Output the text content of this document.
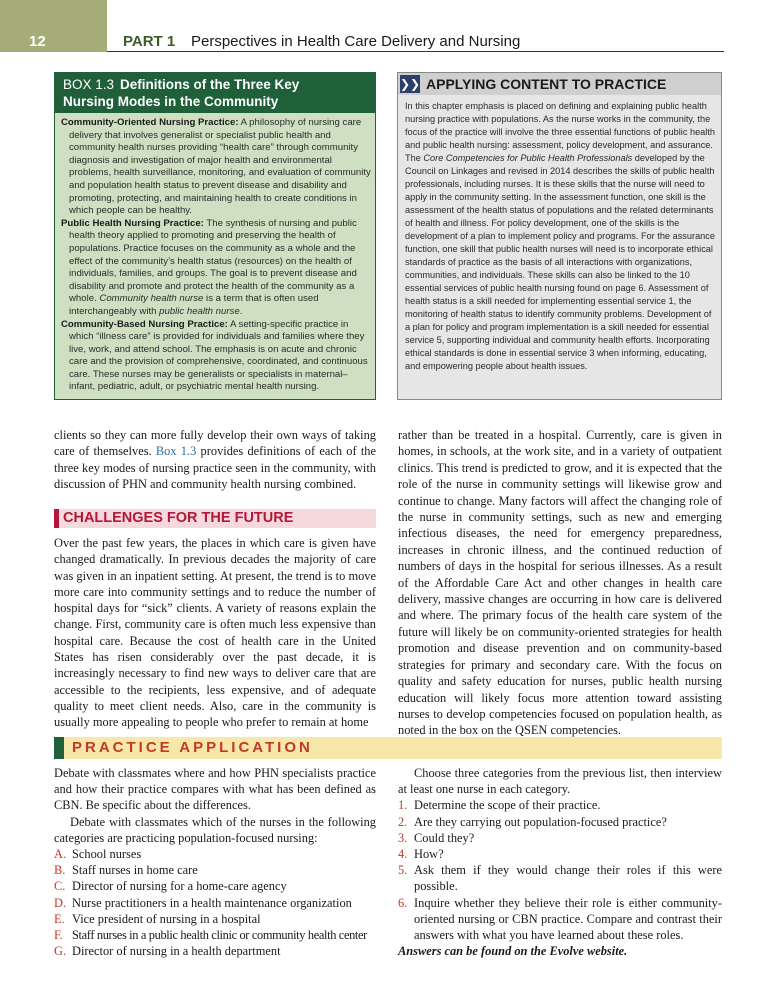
12	PART 1 Perspectives in Health Care Delivery and Nursing
BOX 1.3 Definitions of the Three Key
Nursing Modes in the Community

Community-Oriented Nursing Practice: A philosophy of nursing care delivery that involves generalist or specialist public health and community health nurses providing “health care” through community diagnosis and investigation of major health and environmental problems, health surveillance, monitoring, and evaluation of community and population health status to prevent disease and disability and promoting, protecting, and maintaining health to create conditions in which people can be healthy.

Public Health Nursing Practice: The synthesis of nursing and public health theory applied to promoting and preserving the health of populations. Practice focuses on the community as a whole and the effect of the community’s health status (resources) on the health of individuals, families, and groups. The goal is to prevent disease and disability and promote and protect the health of the community as a whole. Community health nurse is a term that is often used interchangeably with public health nurse.

Community-Based Nursing Practice: A setting-specific practice in which “illness care” is provided for individuals and families where they live, work, and attend school. The emphasis is on acute and chronic care and the provision of comprehensive, coordinated, and continuous care. These nurses may be generalists or specialists in maternal–infant, pediatric, adult, or psychiatric mental health nursing.

❯❯ APPLYING CONTENT TO PRACTICE
In this chapter emphasis is placed on defining and explaining public health nursing practice with populations. As the nurse works in the community, the focus of the practice will involve the three essential functions of public health and public health nursing: assessment, policy development, and assurance. The Core Competencies for Public Health Professionals developed by the Council on Linkages and revised in 2014 describes the skills of public health professionals, including nurses. It is these skills that the nurse will need to apply in the community setting. In the assessment function, one skill is the assessment of the health status of populations and the related determinants of health and illness. For policy development, one of the skills is the development of a plan to implement policy and programs. For the assurance function, one skill that public health nurses will need is to incorporate ethical standards of practice as the basis of all interactions with organizations, communities, and individuals. These skills can also be linked to the 10 essential services of public health nursing found on page 6. Assessment of health status is a skill needed for implementing essential service 1, the monitoring of health status to identify community problems. Development of a plan for policy and program implementation is a skill needed for essential service 5, supporting individual and community health efforts. Incorporating ethical standards is done in essential service 3 when informing, educating, and empowering people about health issues.
clients so they can more fully develop their own ways of taking care of themselves. Box 1.3 provides definitions of each of the three key modes of nursing practice seen in the community, with discussion of PHN and community health nursing combined.
CHALLENGES FOR THE FUTURE
Over the past few years, the places in which care is given have changed dramatically. In previous decades the majority of care was given in an inpatient setting. At present, the trend is to move more care into community settings and to reduce the number of hospital days for “sick” clients. A variety of reasons explain the change. First, community care is often much less expensive than hospital care. Because the cost of health care in the United States has risen considerably over the past decade, it is increasingly necessary to find new ways to deliver care that are accessible to the recipients, less expensive, and of adequate quality to meet client needs. Also, care in the community is usually more appealing to people who prefer to remain at home
rather than be treated in a hospital. Currently, care is given in homes, in schools, at the work site, and in a variety of outpatient clinics. This trend is predicted to grow, and it is expected that the role of the nurse in community settings will likewise grow and continue to change. Many factors will affect the changing role of the nurse in community settings, such as new and emerging infectious diseases, the need for emergency preparedness, increases in chronic illness, and the continued reduction of numbers of days in the hospital for serious illnesses. As a result of the Affordable Care Act and other changes in health care delivery, massive changes are occurring in how care is delivered and where. The primary focus of the health care system of the future will likely be on community-oriented strategies for health promotion and disease prevention and on community-based strategies for primary and secondary care. With the focus on quality and safety education for nurses, public health nursing education will likely focus more attention toward assisting nurses to develop competencies focused on population health, as noted in the box on the QSEN competencies.
PRACTICE APPLICATION

Debate with classmates where and how PHN specialists practice and how their practice compares with what has been defined as CBN. Be specific about the differences.

Debate with classmates which of the nurses in the following categories are practicing population-focused nursing:

A. School nurses
B. Staff nurses in home care
C. Director of nursing for a home-care agency
D. Nurse practitioners in a health maintenance organization
E. Vice president of nursing in a hospital
F. Staff nurses in a public health clinic or community health center
G. Director of nursing in a health department

Choose three categories from the previous list, then interview at least one nurse in each category.

1. Determine the scope of their practice.
2. Are they carrying out population-focused practice?
3. Could they?
4. How?
5. Ask them if they would change their roles if this were possible.
6. Inquire whether they believe their role is either community-oriented nursing or CBN practice. Compare and contrast their answers with what you have learned about these roles.

Answers can be found on the Evolve website.
